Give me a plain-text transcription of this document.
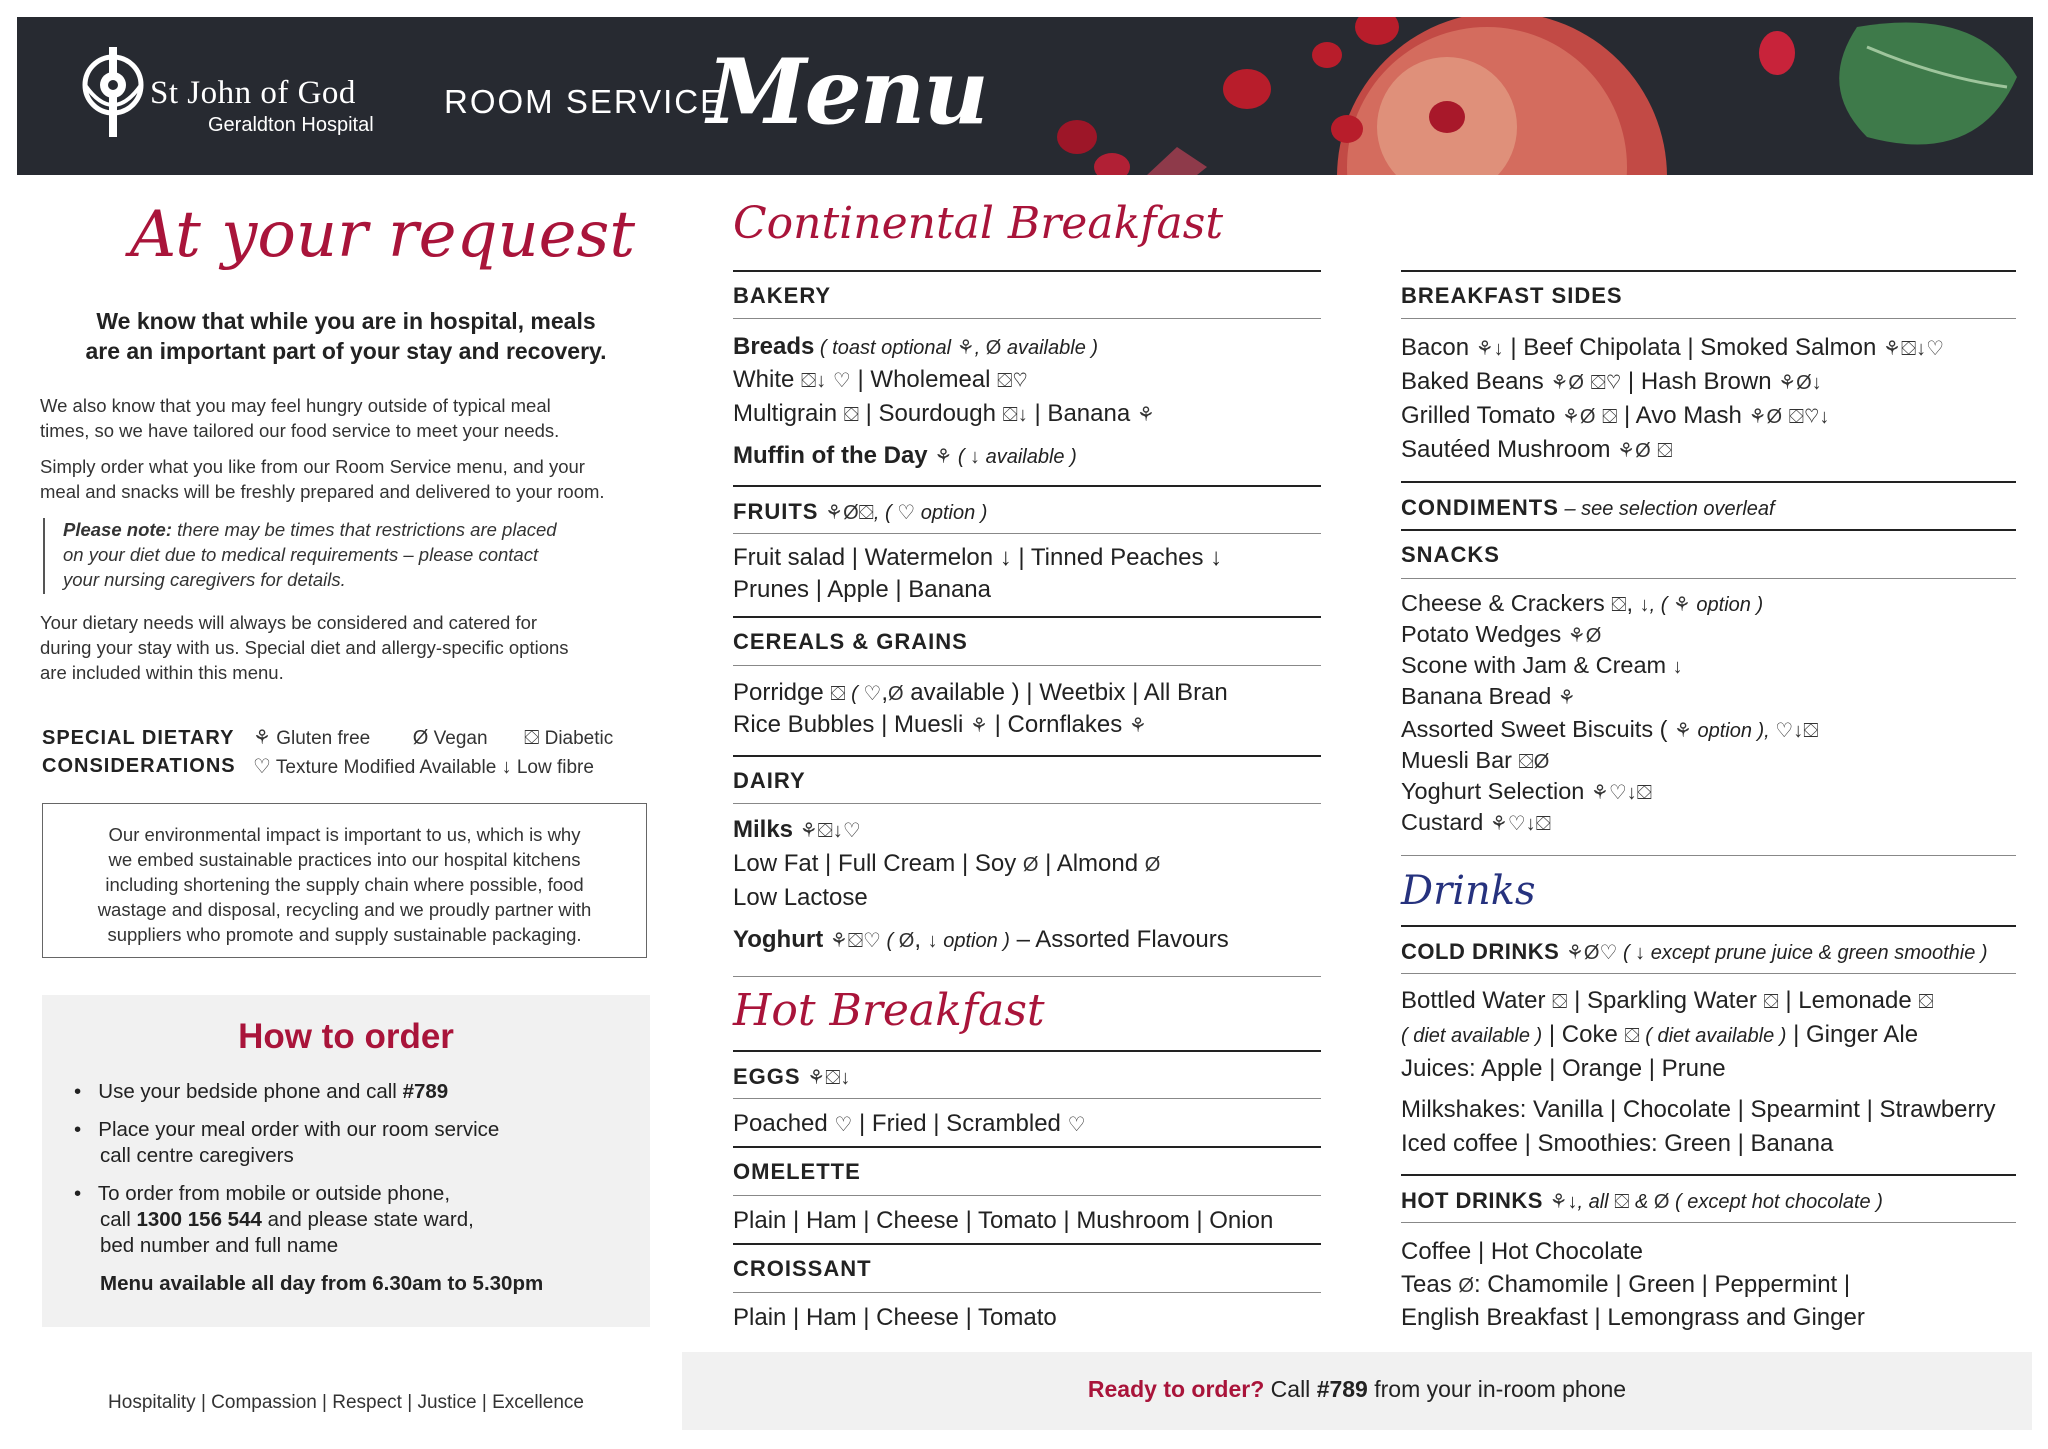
St John of God
Geraldton Hospital
ROOM SERVICE
Menu
At your request
We know that while you are in hospital, meals
are an important part of your stay and recovery.
We also know that you may feel hungry outside of typical meal
times, so we have tailored our food service to meet your needs.
Simply order what you like from our Room Service menu, and your
meal and snacks will be freshly prepared and delivered to your room.
Please note: there may be times that restrictions are placed
on your diet due to medical requirements – please contact
your nursing caregivers for details.
Your dietary needs will always be considered and catered for
during your stay with us. Special diet and allergy-specific options
are included within this menu.
SPECIAL DIETARY
CONSIDERATIONS
⚘ Gluten free Ø Vegan ⛋ Diabetic
♡ Texture Modified Available ↓ Low fibre
Our environmental impact is important to us, which is why
we embed sustainable practices into our hospital kitchens
including shortening the supply chain where possible, food
wastage and disposal, recycling and we proudly partner with
suppliers who promote and supply sustainable packaging.
How to order
•   Use your bedside phone and call #789
•   Place your meal order with our room service
call centre caregivers
•   To order from mobile or outside phone,
call 1300 156 544 and please state ward,
bed number and full name
Menu available all day from 6.30am to 5.30pm
Hospitality | Compassion | Respect | Justice | Excellence
Continental Breakfast
BAKERY
Breads ( toast optional ⚘, Ø available )
White ⛋↓ ♡ | Wholemeal ⛋♡
Multigrain ⛋ | Sourdough ⛋↓ | Banana ⚘
Muffin of the Day ⚘ ( ↓ available )
FRUITS ⚘Ø⛋, ( ♡ option )
Fruit salad | Watermelon ↓ | Tinned Peaches ↓
Prunes | Apple | Banana
CEREALS & GRAINS
Porridge ⛋ ( ♡,Ø available ) | Weetbix | All Bran
Rice Bubbles | Muesli ⚘ | Cornflakes ⚘
DAIRY
Milks ⚘⛋↓♡
Low Fat | Full Cream | Soy Ø | Almond Ø
Low Lactose
Yoghurt ⚘⛋♡ ( Ø, ↓ option ) – Assorted Flavours
Hot Breakfast
EGGS ⚘⛋↓
Poached ♡ | Fried | Scrambled ♡
OMELETTE
Plain | Ham | Cheese | Tomato | Mushroom | Onion
CROISSANT
Plain | Ham | Cheese | Tomato
BREAKFAST SIDES
Bacon ⚘↓ | Beef Chipolata | Smoked Salmon ⚘⛋↓♡
Baked Beans ⚘Ø ⛋♡ | Hash Brown ⚘Ø↓
Grilled Tomato ⚘Ø ⛋ | Avo Mash ⚘Ø ⛋♡↓
Sautéed Mushroom ⚘Ø ⛋
CONDIMENTS – see selection overleaf
SNACKS
Cheese & Crackers ⛋, ↓, ( ⚘ option )
Potato Wedges ⚘Ø
Scone with Jam & Cream ↓
Banana Bread ⚘
Assorted Sweet Biscuits ( ⚘ option ), ♡↓⛋
Muesli Bar ⛋Ø
Yoghurt Selection ⚘♡↓⛋
Custard ⚘♡↓⛋
Drinks
COLD DRINKS ⚘Ø♡ ( ↓ except prune juice & green smoothie )
Bottled Water ⛋ | Sparkling Water ⛋ | Lemonade ⛋
( diet available ) | Coke ⛋ ( diet available ) | Ginger Ale
Juices: Apple | Orange | Prune
Milkshakes: Vanilla | Chocolate | Spearmint | Strawberry
Iced coffee | Smoothies: Green | Banana
HOT DRINKS ⚘↓, all ⛋ & Ø ( except hot chocolate )
Coffee | Hot Chocolate
Teas Ø: Chamomile | Green | Peppermint |
English Breakfast | Lemongrass and Ginger
Ready to order? Call #789 from your in-room phone
